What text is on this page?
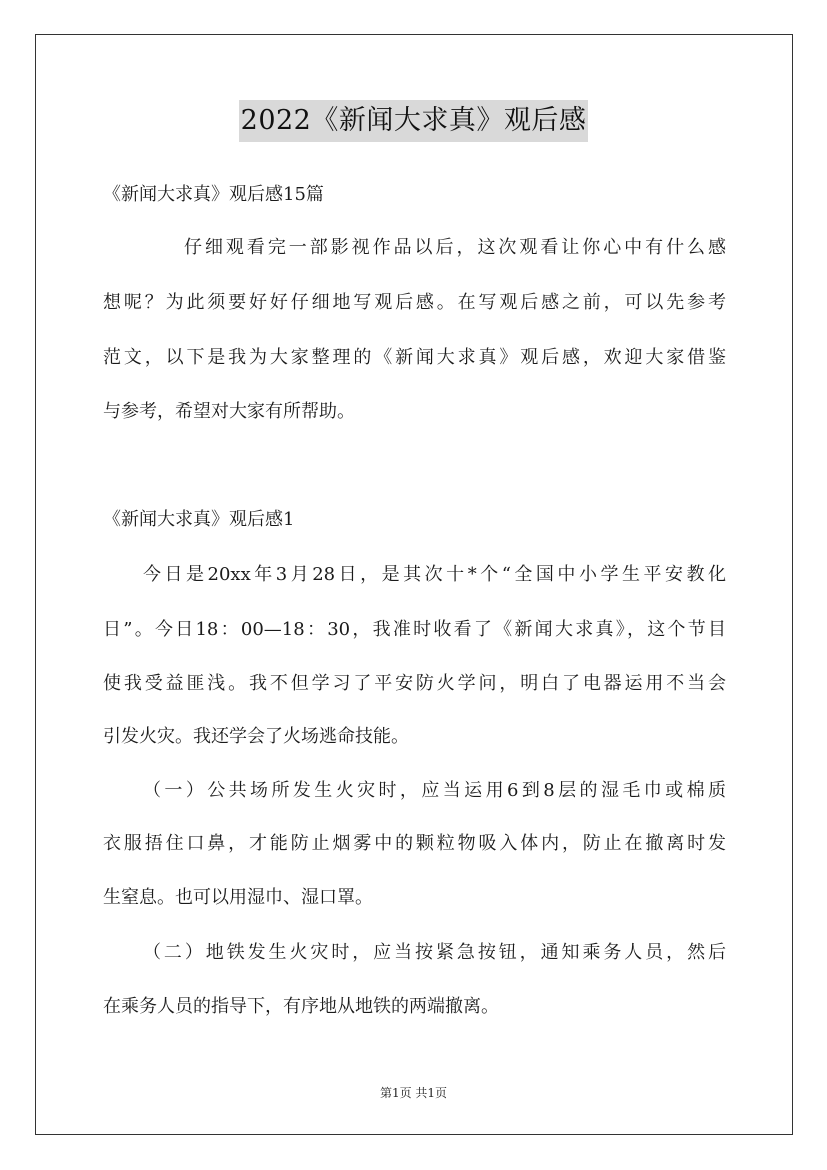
2022《新闻大求真》观后感
《新闻大求真》观后感15篇
仔细观看完一部影视作品以后，这次观看让你心中有什么感
想呢？为此须要好好仔细地写观后感。在写观后感之前，可以先参考
范文，以下是我为大家整理的《新闻大求真》观后感，欢迎大家借鉴
与参考，希望对大家有所帮助。
《新闻大求真》观后感1
今日是20xx年3月28日，是其次十*个“全国中小学生平安教化
日”。今日18：00—18：30，我准时收看了《新闻大求真》，这个节目
使我受益匪浅。我不但学习了平安防火学问，明白了电器运用不当会
引发火灾。我还学会了火场逃命技能。
（一）公共场所发生火灾时，应当运用6到8层的湿毛巾或棉质
衣服捂住口鼻，才能防止烟雾中的颗粒物吸入体内，防止在撤离时发
生窒息。也可以用湿巾、湿口罩。
（二）地铁发生火灾时，应当按紧急按钮，通知乘务人员，然后
在乘务人员的指导下，有序地从地铁的两端撤离。
第1页 共1页
